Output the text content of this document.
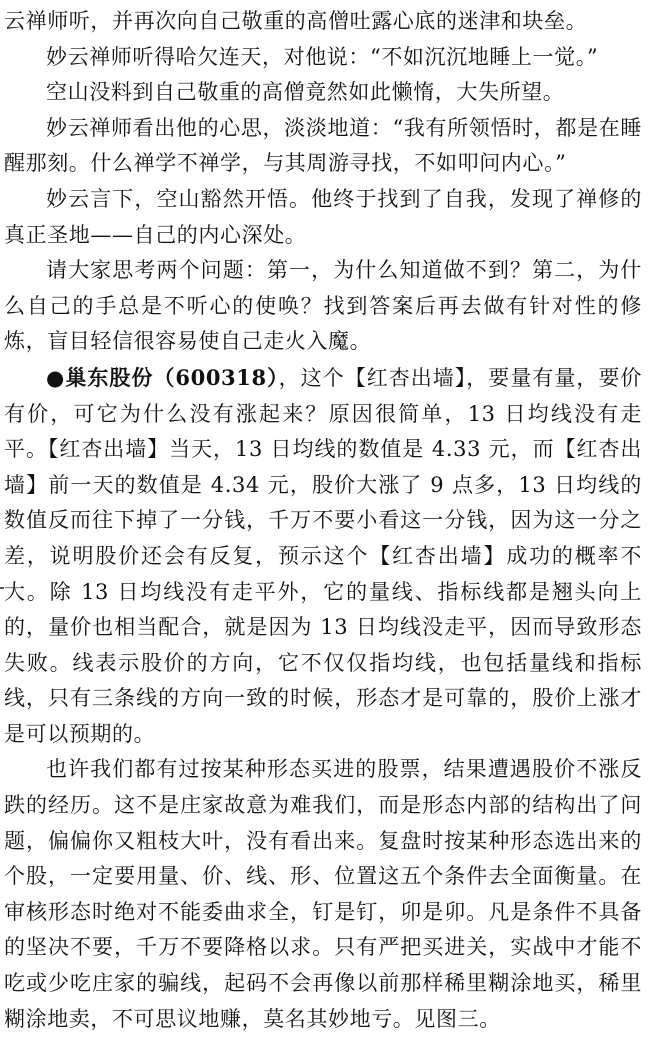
云禅师听，并再次向自己敬重的高僧吐露心底的迷津和块垒。

妙云禅师听得哈欠连天，对他说：“不如沉沉地睡上一觉。”

空山没料到自己敬重的高僧竟然如此懒惰，大失所望。

妙云禅师看出他的心思，淡淡地道：“我有所领悟时，都是在睡醒那刻。什么禅学不禅学，与其周游寻找，不如叩问内心。”

妙云言下，空山豁然开悟。他终于找到了自我，发现了禅修的真正圣地——自己的内心深处。

请大家思考两个问题：第一，为什么知道做不到？第二，为什么自己的手总是不听心的使唤？找到答案后再去做有针对性的修炼，盲目轻信很容易使自己走火入魔。

●巢东股份（600318），这个【红杏出墙】，要量有量，要价有价，可它为什么没有涨起来？原因很简单，13 日均线没有走平。【红杏出墙】当天，13 日均线的数值是 4.33 元，而【红杏出墙】前一天的数值是 4.34 元，股价大涨了 9 点多，13 日均线的数值反而往下掉了一分钱，千万不要小看这一分钱，因为这一分之差，说明股价还会有反复，预示这个【红杏出墙】成功的概率不大。除 13 日均线没有走平外，它的量线、指标线都是翘头向上的，量价也相当配合，就是因为 13 日均线没走平，因而导致形态失败。线表示股价的方向，它不仅仅指均线，也包括量线和指标线，只有三条线的方向一致的时候，形态才是可靠的，股价上涨才是可以预期的。

也许我们都有过按某种形态买进的股票，结果遭遇股价不涨反跌的经历。这不是庄家故意为难我们，而是形态内部的结构出了问题，偏偏你又粗枝大叶，没有看出来。复盘时按某种形态选出来的个股，一定要用量、价、线、形、位置这五个条件去全面衡量。在审核形态时绝对不能委曲求全，钉是钉，卯是卯。凡是条件不具备的坚决不要，千万不要降格以求。只有严把买进关，实战中才能不吃或少吃庄家的骗线，起码不会再像以前那样稀里糊涂地买，稀里糊涂地卖，不可思议地赚，莫名其妙地亏。见图三。
